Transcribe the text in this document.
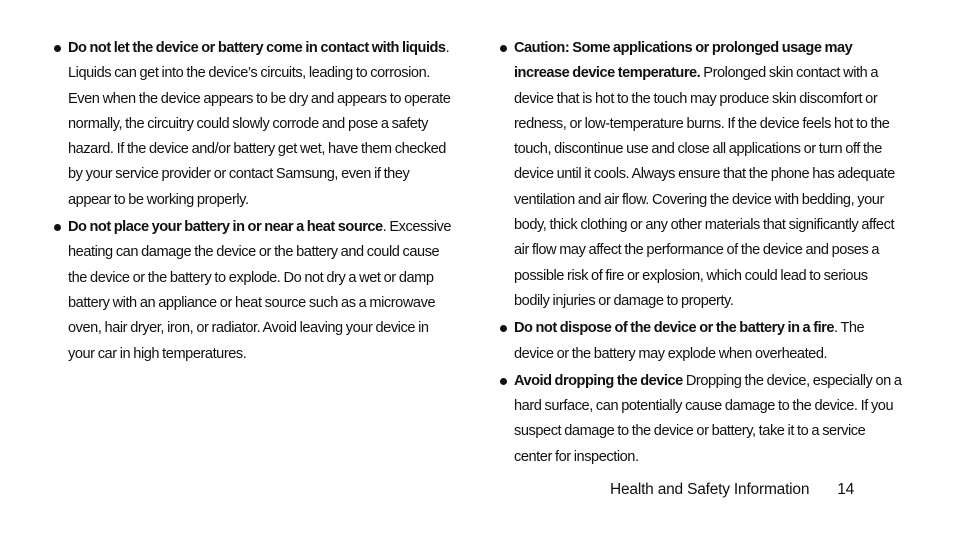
Do not let the device or battery come in contact with liquids. Liquids can get into the device’s circuits, leading to corrosion. Even when the device appears to be dry and appears to operate normally, the circuitry could slowly corrode and pose a safety hazard. If the device and/or battery get wet, have them checked by your service provider or contact Samsung, even if they appear to be working properly.
Do not place your battery in or near a heat source. Excessive heating can damage the device or the battery and could cause the device or the battery to explode. Do not dry a wet or damp battery with an appliance or heat source such as a microwave oven, hair dryer, iron, or radiator. Avoid leaving your device in your car in high temperatures.
Caution: Some applications or prolonged usage may increase device temperature. Prolonged skin contact with a device that is hot to the touch may produce skin discomfort or redness, or low-temperature burns. If the device feels hot to the touch, discontinue use and close all applications or turn off the device until it cools. Always ensure that the phone has adequate ventilation and air flow. Covering the device with bedding, your body, thick clothing or any other materials that significantly affect air flow may affect the performance of the device and poses a possible risk of fire or explosion, which could lead to serious bodily injuries or damage to property.
Do not dispose of the device or the battery in a fire. The device or the battery may explode when overheated.
Avoid dropping the device Dropping the device, especially on a hard surface, can potentially cause damage to the device. If you suspect damage to the device or battery, take it to a service center for inspection.
Health and Safety Information 14
